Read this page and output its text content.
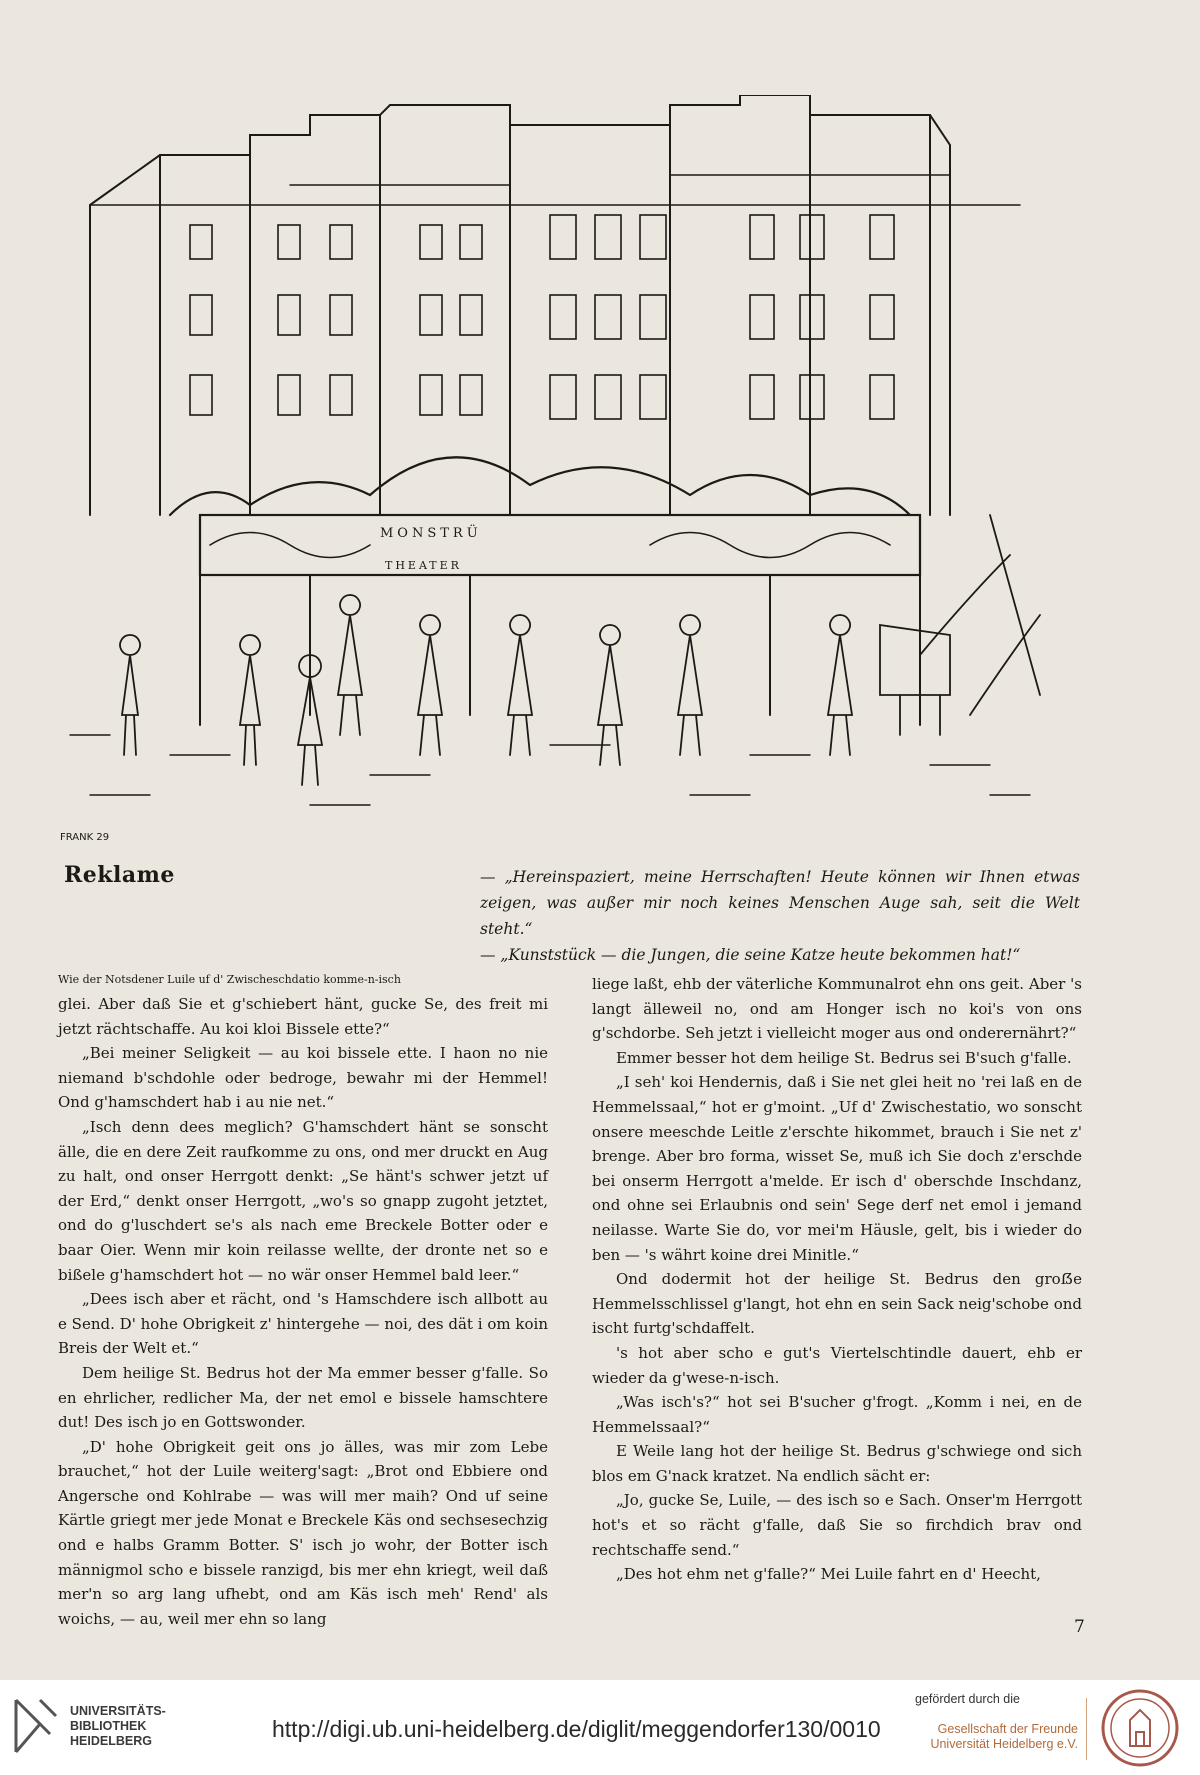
MONSTRÜ
THEATER
FRANK 29
Reklame	— „Hereinspaziert, meine Herrschaften! Heute können wir Ihnen etwas zeigen, was außer mir noch keines Menschen Auge sah, seit die Welt steht.“

— „Kunststück — die Jungen, die seine Katze heute bekommen hat!“

Wie der Notsdener Luile uf d' Zwischeschdatio komme-n-isch

glei. Aber daß Sie et g'schiebert hänt, gucke Se, des freit mi jetzt rächtschaffe. Au koi kloi Bissele ette?“

„Bei meiner Seligkeit — au koi bissele ette. I haon no nie niemand b'schdohle oder bedroge, bewahr mi der Hemmel! Ond g'hamschdert hab i au nie net.“

„Isch denn dees meglich? G'hamschdert hänt se sonscht älle, die en dere Zeit raufkomme zu ons, ond mer druckt en Aug zu halt, ond onser Herrgott denkt: „Se hänt's schwer jetzt uf der Erd,“ denkt onser Herrgott, „wo's so gnapp zugoht jetztet, ond do g'luschdert se's als nach eme Breckele Botter oder e baar Oier. Wenn mir koin reilasse wellte, der dronte net so e bißele g'hamschdert hot — no wär onser Hemmel bald leer.“

„Dees isch aber et rächt, ond 's Hamschdere isch allbott au e Send. D' hohe Obrigkeit z' hintergehe — noi, des dät i om koin Breis der Welt et.“

Dem heilige St. Bedrus hot der Ma emmer besser g'falle. So en ehrlicher, redlicher Ma, der net emol e bissele hamschtere dut! Des isch jo en Gottswonder.

„D' hohe Obrigkeit geit ons jo älles, was mir zom Lebe brauchet,“ hot der Luile weiterg'sagt: „Brot ond Ebbiere ond Angersche ond Kohlrabe — was will mer maih? Ond uf seine Kärtle griegt mer jede Monat e Breckele Käs ond sechsesechzig ond e halbs Gramm Botter. S' isch jo wohr, der Botter isch männigmol scho e bissele ranzigd, bis mer ehn kriegt, weil daß mer'n so arg lang ufhebt, ond am Käs isch meh' Rend' als woichs, — au, weil mer ehn so lang

liege laßt, ehb der väterliche Kommunalrot ehn ons geit. Aber 's langt älleweil no, ond am Honger isch no koi's von ons g'schdorbe. Seh jetzt i vielleicht moger aus ond onderernährt?“

Emmer besser hot dem heilige St. Bedrus sei B'such g'falle.

„I seh' koi Hendernis, daß i Sie net glei heit no 'rei laß en de Hemmelssaal,“ hot er g'moint. „Uf d' Zwischestatio, wo sonscht onsere meeschde Leitle z'erschte hikommet, brauch i Sie net z' brenge. Aber bro forma, wisset Se, muß ich Sie doch z'erschde bei onserm Herrgott a'melde. Er isch d' oberschde Inschdanz, ond ohne sei Erlaubnis ond sein' Sege derf net emol i jemand neilasse. Warte Sie do, vor mei'm Häusle, gelt, bis i wieder do ben — 's währt koine drei Minitle.“

Ond dodermit hot der heilige St. Bedrus den groẞe Hemmelsschlissel g'langt, hot ehn en sein Sack neig'schobe ond ischt furtg'schdaffelt.

's hot aber scho e gut's Viertelschtindle dauert, ehb er wieder da g'wese-n-isch.

„Was isch's?“ hot sei B'sucher g'frogt. „Komm i nei, en de Hemmelssaal?“

E Weile lang hot der heilige St. Bedrus g'schwiege ond sich blos em G'nack kratzet. Na endlich sächt er:

„Jo, gucke Se, Luile, — des isch so e Sach. Onser'm Herrgott hot's et so rächt g'falle, daß Sie so firchdich brav ond rechtschaffe send.“

„Des hot ehm net g'falle?“ Mei Luile fahrt en d' Heecht,

7
UNIVERSITÄTS-
BIBLIOTHEK
HEIDELBERG	http://digi.ub.uni-heidelberg.de/diglit/meggendorfer130/0010
gefördert durch die
Gesellschaft der Freunde
Universität Heidelberg e.V.
